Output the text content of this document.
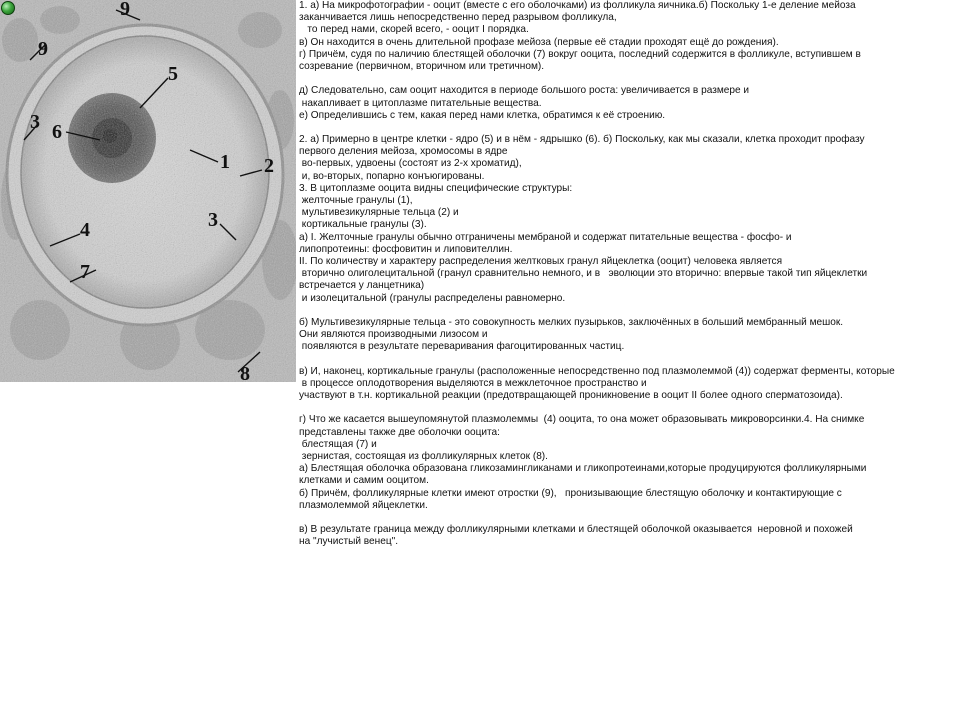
9
9
5
6
3
1 2
3
4
7
8
1. а) На микрофотографии - ооцит (вместе с его оболочками) из фолликула яичника.б) Поскольку 1-е деление мейоза
заканчивается лишь непосредственно перед разрывом фолликула,
то перед нами, скорей всего, - ооцит I порядка.
в) Он находится в очень длительной профазе мейоза (первые её стадии проходят ещё до рождения).
г) Причём, судя по наличию блестящей оболочки (7) вокруг ооцита, последний содержится в фолликуле, вступившем в
созревание (первичном, вторичном или третичном).
д) Следовательно, сам ооцит находится в периоде большого роста: увеличивается в размере и
накапливает в цитоплазме питательные вещества.
е) Определившись с тем, какая перед нами клетка, обратимся к её строению.
2. а) Примерно в центре клетки - ядро (5) и в нём - ядрышко (6). б) Поскольку, как мы сказали, клетка проходит профазу
первого деления мейоза, хромосомы в ядре
во-первых, удвоены (состоят из 2-х хроматид),
и, во-вторых, попарно конъюгированы.
3. В цитоплазме ооцита видны специфические структуры:
желточные гранулы (1),
мультивезикулярные тельца (2) и
кортикальные гранулы (3).
а) I. Желточные гранулы обычно отграничены мембраной и содержат питательные вещества - фосфо- и
липопротеины: фосфовитин и липовителлин.
II. По количеству и характеру распределения желтковых гранул яйцеклетка (ооцит) человека является
вторично олиголецитальной (гранул сравнительно немного, и в   эволюции это вторично: впервые такой тип яйцеклетки
встречается у ланцетника)
и изолецитальной (гранулы распределены равномерно.
б) Мультивезикулярные тельца - это совокупность мелких пузырьков, заключённых в больший мембранный мешок.
Они являются производными лизосом и
появляются в результате переваривания фагоцитированных частиц.
в) И, наконец, кортикальные гранулы (расположенные непосредственно под плазмолеммой (4)) содержат ферменты, которые
в процессе оплодотворения выделяются в межклеточное пространство и
участвуют в т.н. кортикальной реакции (предотвращающей проникновение в ооцит II более одного сперматозоида).
г) Что же касается вышеупомянутой плазмолеммы  (4) ооцита, то она может образовывать микроворсинки.4. На снимке
представлены также две оболочки ооцита:
блестящая (7) и
зернистая, состоящая из фолликулярных клеток (8).
а) Блестящая оболочка образована гликозамингликанами и гликопротеинами,которые продуцируются фолликулярными
клетками и самим ооцитом.
б) Причём, фолликулярные клетки имеют отростки (9),   пронизывающие блестящую оболочку и контактирующие с
плазмолеммой яйцеклетки.
в) В результате граница между фолликулярными клетками и блестящей оболочкой оказывается  неровной и похожей
на "лучистый венец".
